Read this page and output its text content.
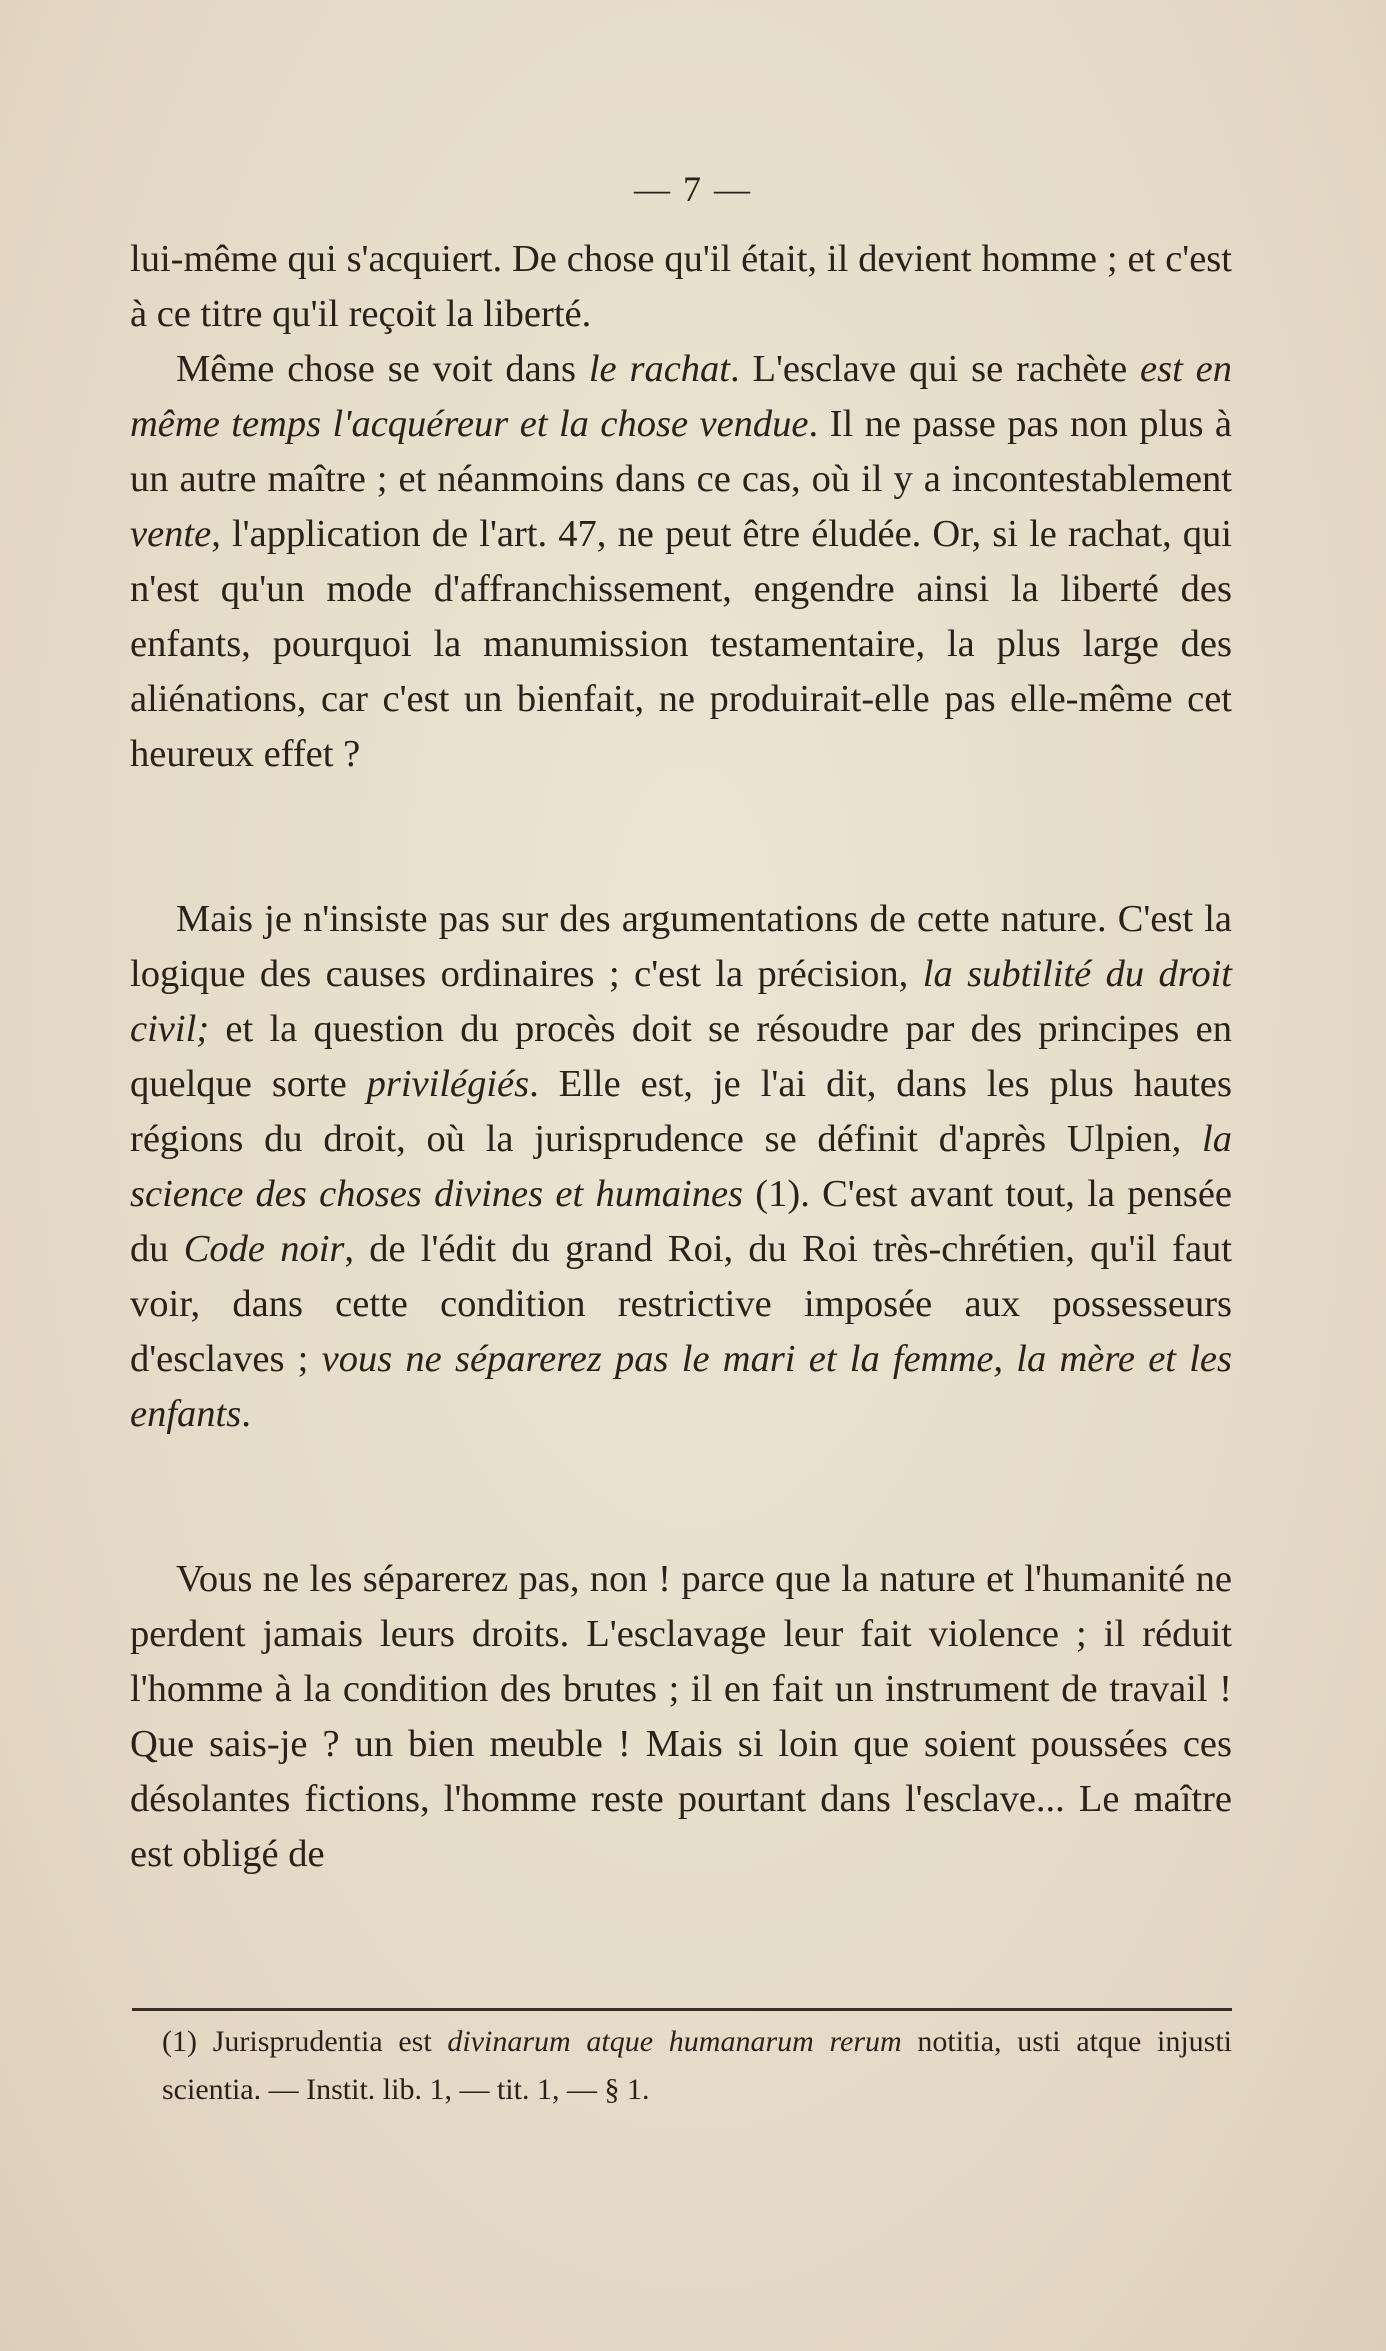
— 7 —

lui-même qui s'acquiert. De chose qu'il était, il devient homme ; et c'est à ce titre qu'il reçoit la liberté.

Même chose se voit dans le rachat. L'esclave qui se rachète est en même temps l'acquéreur et la chose vendue. Il ne passe pas non plus à un autre maître ; et néanmoins dans ce cas, où il y a incontestablement vente, l'application de l'art. 47, ne peut être éludée. Or, si le rachat, qui n'est qu'un mode d'affranchissement, engendre ainsi la liberté des enfants, pourquoi la manumission testamentaire, la plus large des aliénations, car c'est un bienfait, ne produirait-elle pas elle-même cet heureux effet ?

Mais je n'insiste pas sur des argumentations de cette nature. C'est la logique des causes ordinaires ; c'est la précision, la subtilité du droit civil; et la question du procès doit se résoudre par des principes en quelque sorte privilégiés. Elle est, je l'ai dit, dans les plus hautes régions du droit, où la jurisprudence se définit d'après Ulpien, la science des choses divines et humaines (1). C'est avant tout, la pensée du Code noir, de l'édit du grand Roi, du Roi très-chrétien, qu'il faut voir, dans cette condition restrictive imposée aux possesseurs d'esclaves ; vous ne séparerez pas le mari et la femme, la mère et les enfants.

Vous ne les séparerez pas, non ! parce que la nature et l'humanité ne perdent jamais leurs droits. L'esclavage leur fait violence ; il réduit l'homme à la condition des brutes ; il en fait un instrument de travail ! Que sais-je ? un bien meuble ! Mais si loin que soient poussées ces désolantes fictions, l'homme reste pourtant dans l'esclave... Le maître est obligé de

(1) Jurisprudentia est divinarum atque humanarum rerum notitia, usti atque injusti scientia. — Instit. lib. 1, — tit. 1, — § 1.
